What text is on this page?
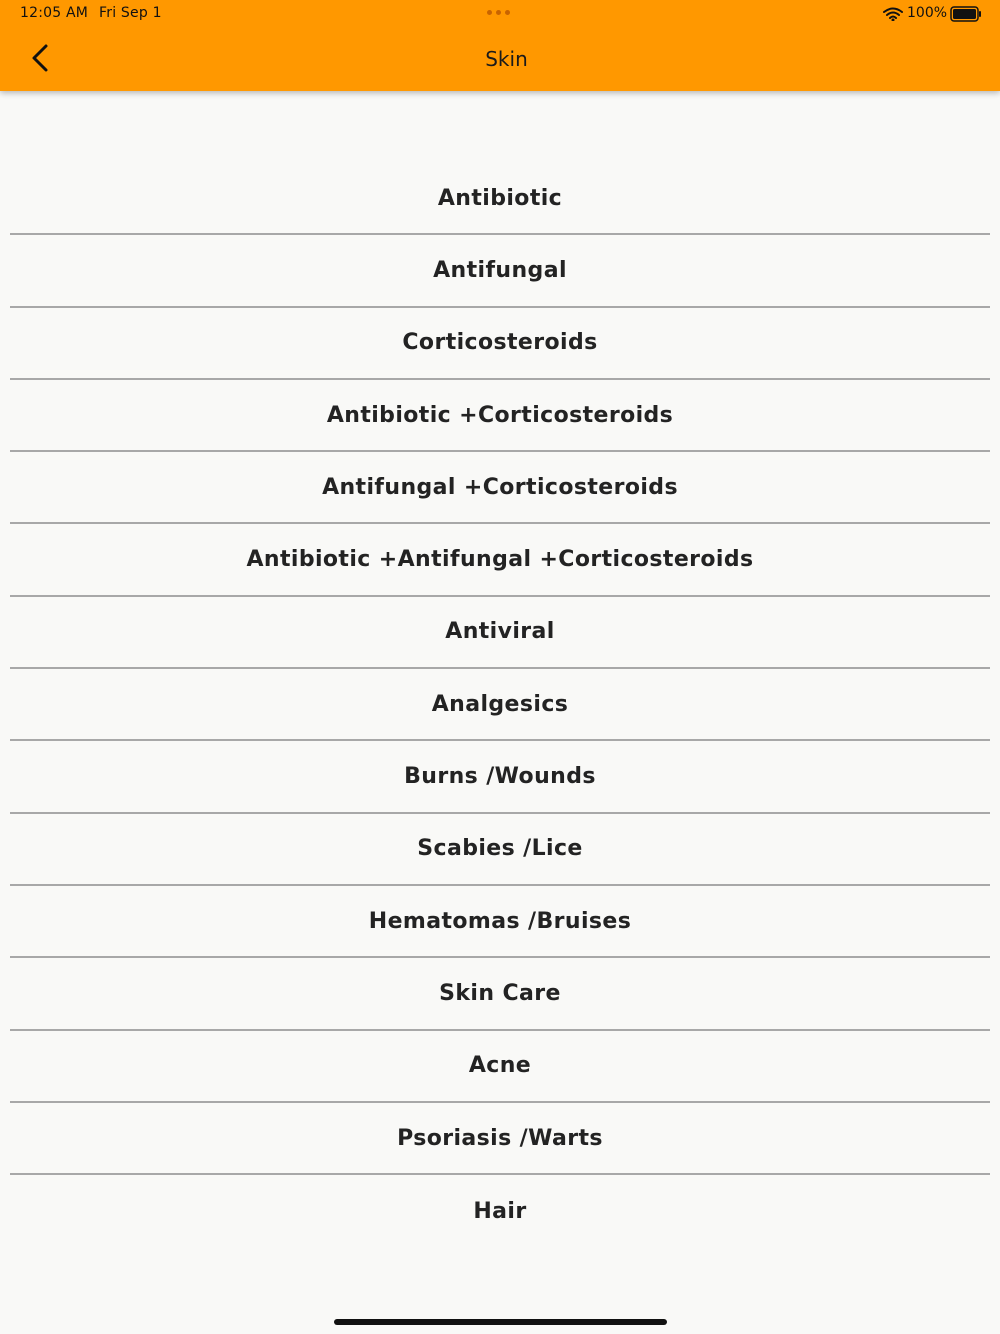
12:05 AM Fri Sep 1	100%
Skin
Antibiotic
Antifungal
Corticosteroids
Antibiotic +Corticosteroids
Antifungal +Corticosteroids
Antibiotic +Antifungal +Corticosteroids
Antiviral
Analgesics
Burns /Wounds
Scabies /Lice
Hematomas /Bruises
Skin Care
Acne
Psoriasis /Warts
Hair
